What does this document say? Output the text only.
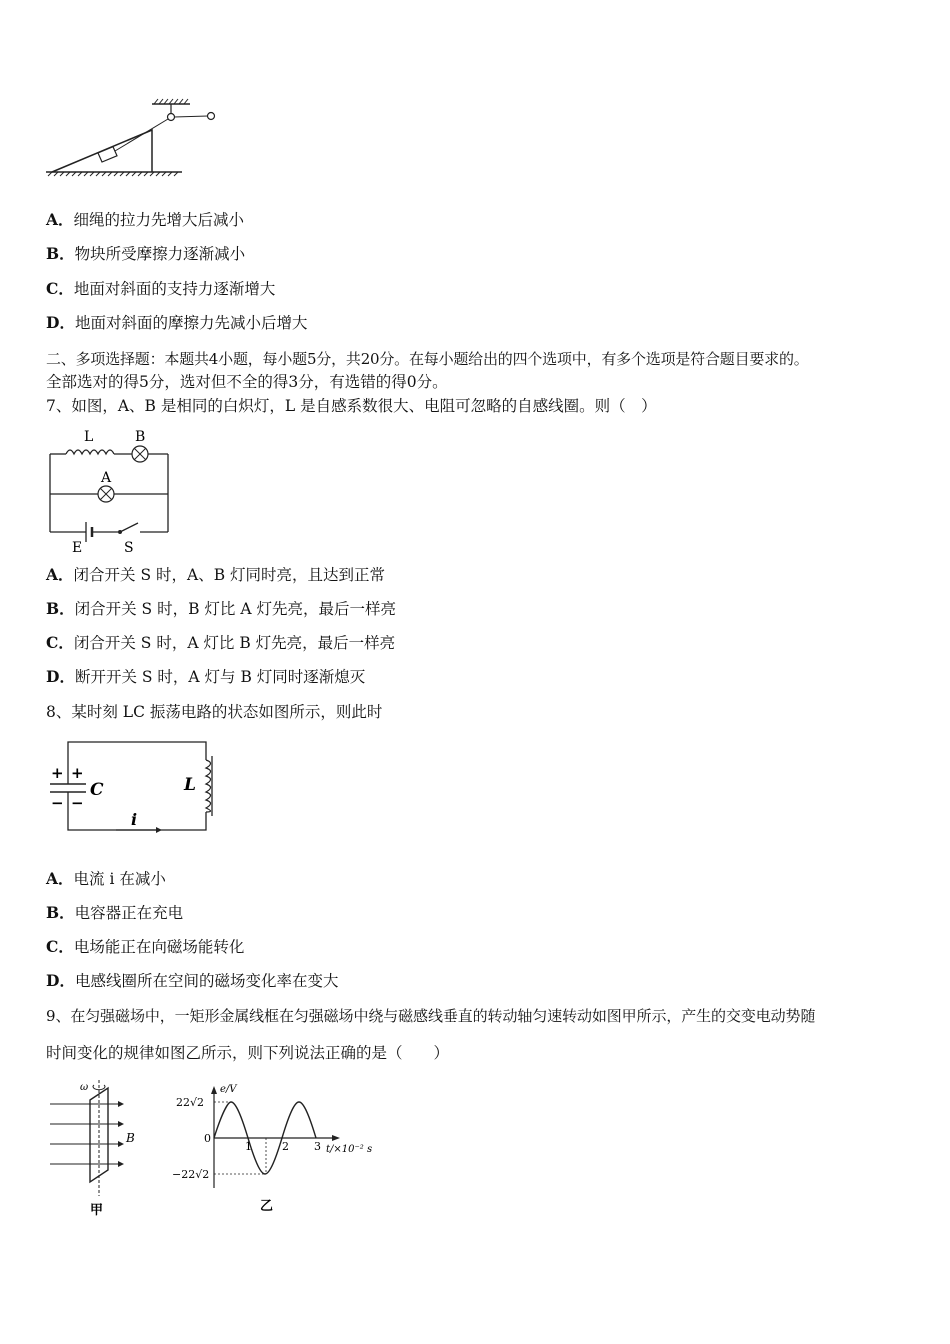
A．细绳的拉力先增大后减小
B．物块所受摩擦力逐渐减小
C．地面对斜面的支持力逐渐增大
D．地面对斜面的摩擦力先减小后增大
二、多项选择题：本题共4小题，每小题5分，共20分。在每小题给出的四个选项中，有多个选项是符合题目要求的。
全部选对的得5分，选对但不全的得3分，有选错的得0分。
7、如图，A、B 是相同的白炽灯，L 是自感系数很大、电阻可忽略的自感线圈。则（　）
L	B
A
E	S
A．闭合开关 S 时，A、B 灯同时亮，且达到正常
B．闭合开关 S 时，B 灯比 A 灯先亮，最后一样亮
C．闭合开关 S 时，A 灯比 B 灯先亮，最后一样亮
D．断开开关 S 时，A 灯与 B 灯同时逐渐熄灭
8、某时刻 LC 振荡电路的状态如图所示，则此时
+ +
− −
C	L
i
A．电流 i 在减小
B．电容器正在充电
C．电场能正在向磁场能转化
D．电感线圈所在空间的磁场变化率在变大
9、在匀强磁场中，一矩形金属线框在匀强磁场中绕与磁感线垂直的转动轴匀速转动如图甲所示，产生的交变电动势随
时间变化的规律如图乙所示，则下列说法正确的是（　　）
ω
B
甲
e/V
22√2
−22√2
0
1	2 3 t/×10⁻² s
乙
